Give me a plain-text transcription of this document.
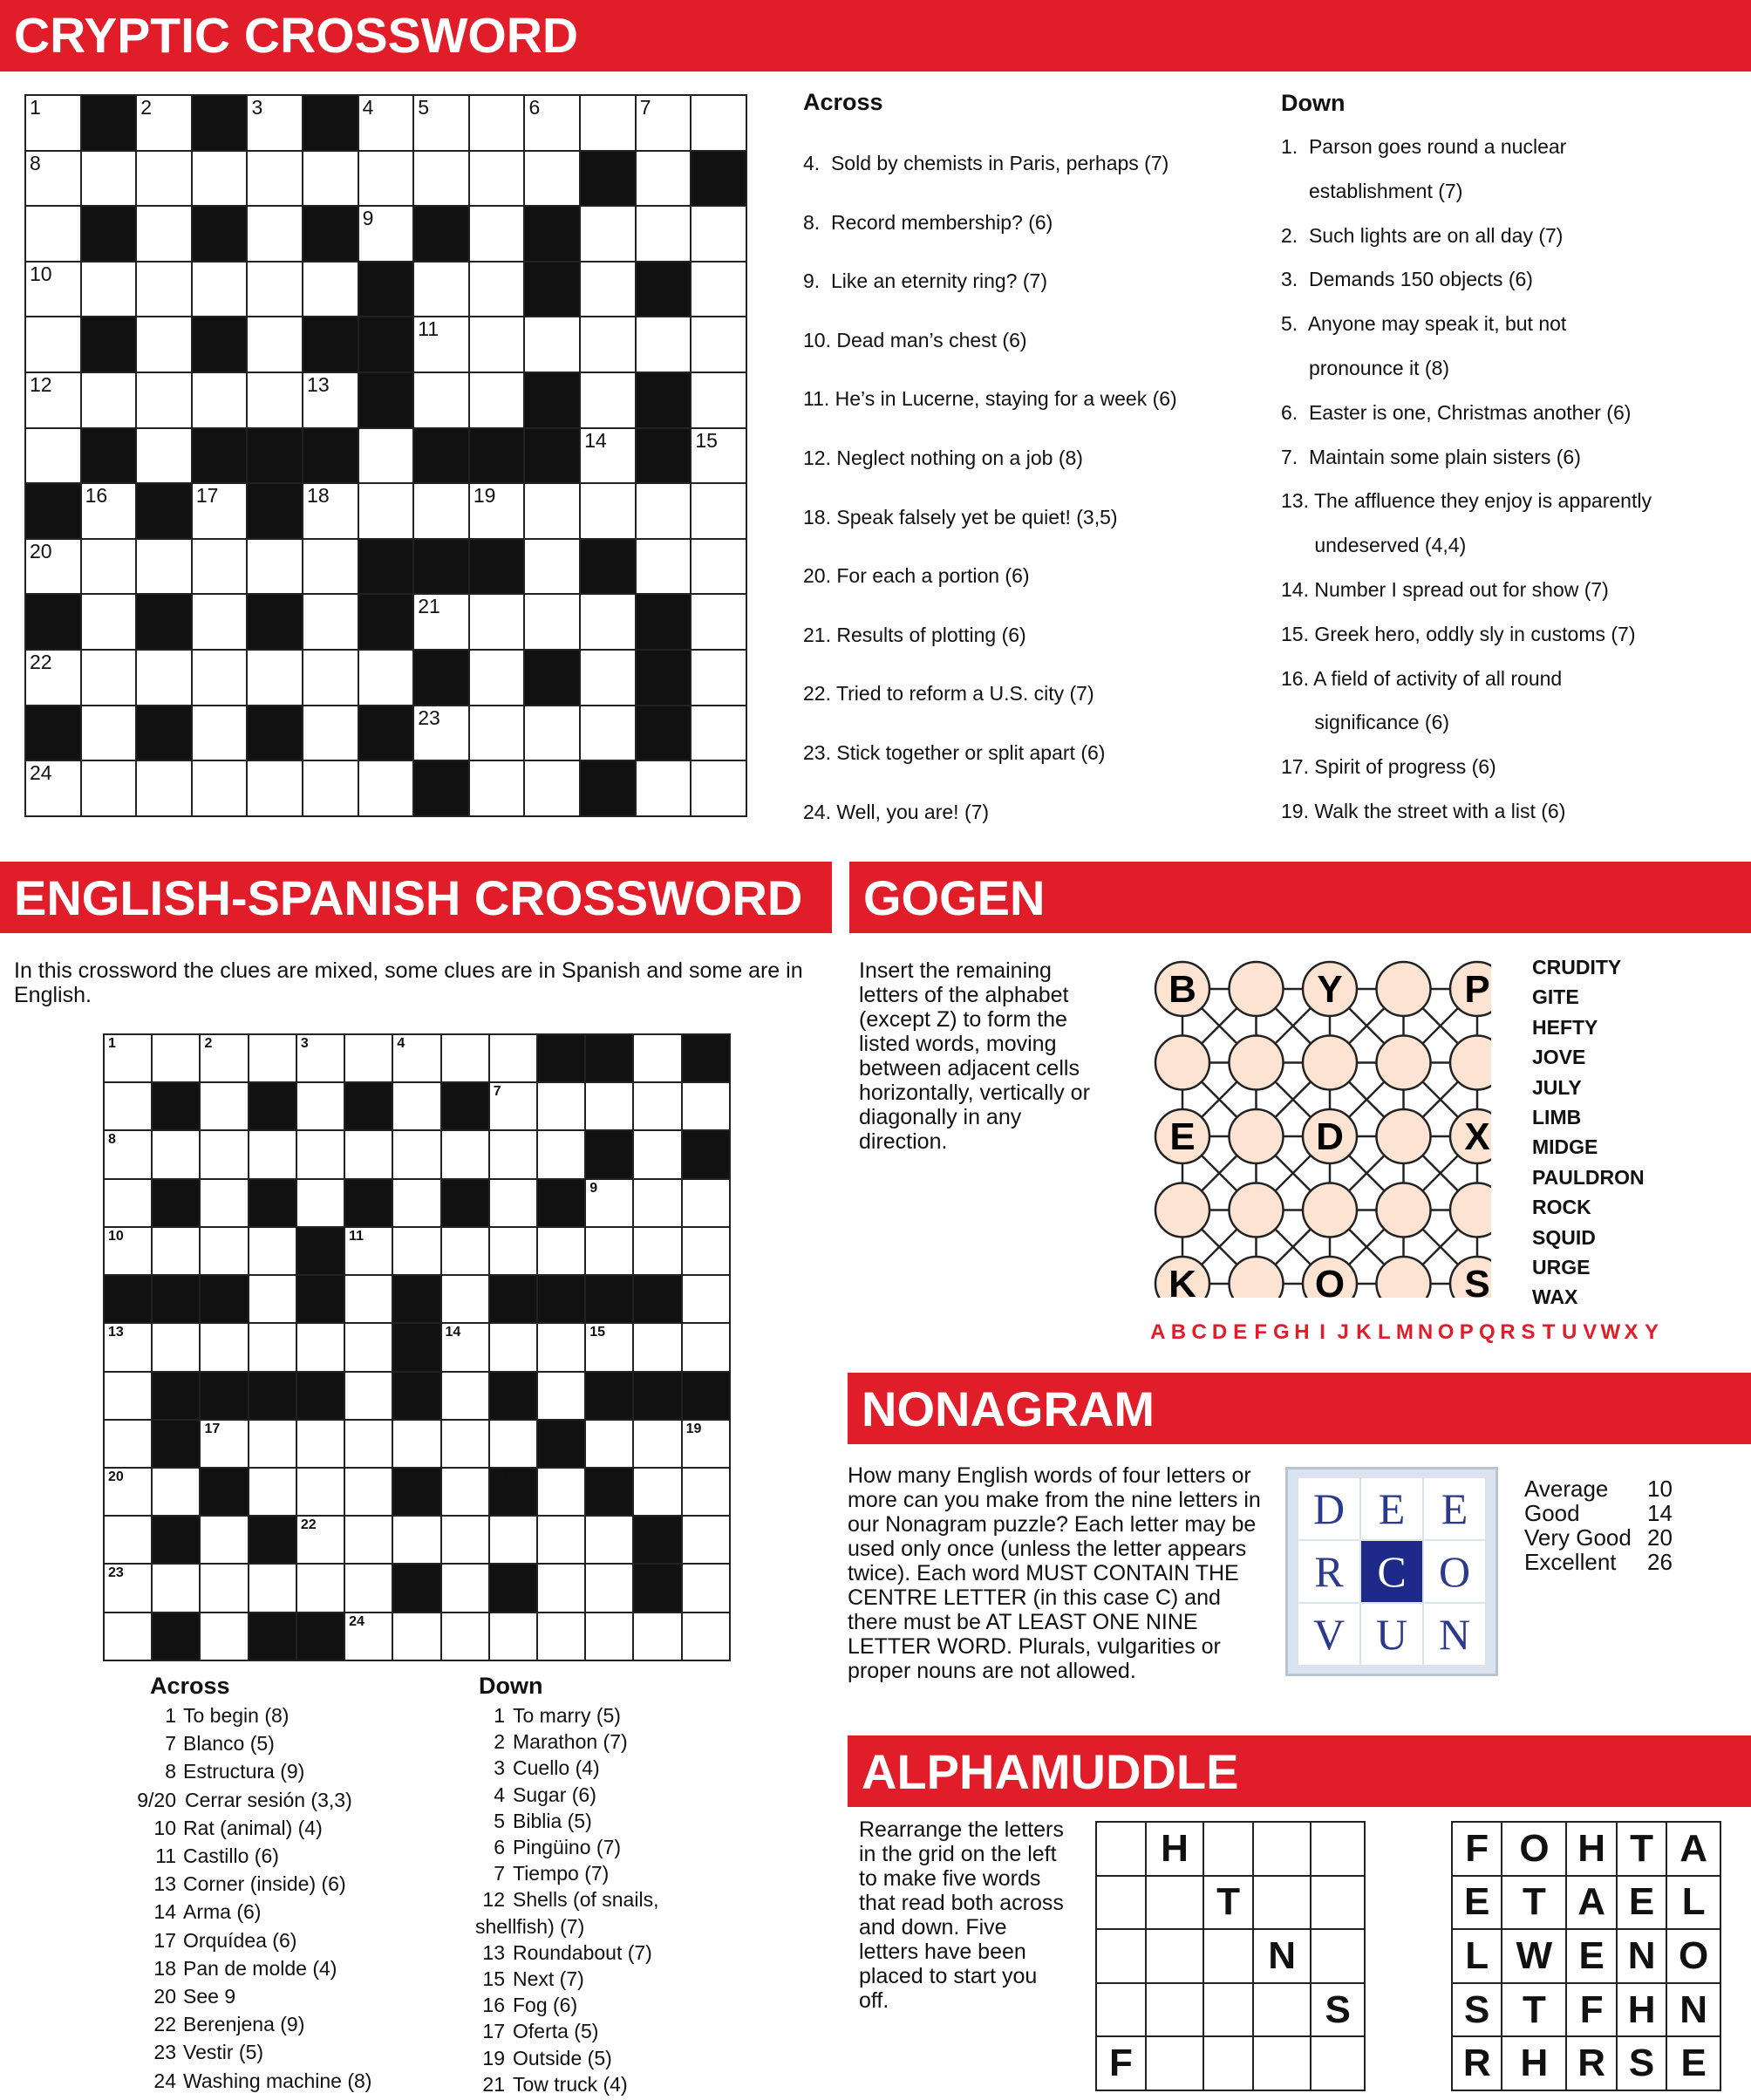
CRYPTIC CROSSWORD
1		2		3		4	5		6		7	

8												

						9						

10												

							11					

12					13							

										14		15

	16		17		18			19				

20												

							21					

22												

							23					

24												

Across
4.  Sold by chemists in Paris, perhaps (7)
8.  Record membership? (6)
9.  Like an eternity ring? (7)
10. Dead man’s chest (6)
11. He’s in Lucerne, staying for a week (6)
12. Neglect nothing on a job (8)
18. Speak falsely yet be quiet! (3,5)
20. For each a portion (6)
21. Results of plotting (6)
22. Tried to reform a U.S. city (7)
23. Stick together or split apart (6)
24. Well, you are! (7)
Down
1.  Parson goes round a nuclear
establishment (7)
2.  Such lights are on all day (7)
3.  Demands 150 objects (6)
5.  Anyone may speak it, but not
pronounce it (8)
6.  Easter is one, Christmas another (6)
7.  Maintain some plain sisters (6)
13. The affluence they enjoy is apparently
undeserved (4,4)
14. Number I spread out for show (7)
15. Greek hero, oddly sly in customs (7)
16. A field of activity of all round
significance (6)
17. Spirit of progress (6)
19. Walk the street with a list (6)
ENGLISH-SPANISH CROSSWORD
In this crossword the clues are mixed, some clues are in Spanish and some are in English.
1		2		3		4				5		6

								7				

8												

										9		

10					11							

				12								

13							14			15		

						16						

		17							18			19

20								21				

				22								

23												

					24							

Across
1 To begin (8)
7 Blanco (5)
8 Estructura (9)
9/20 Cerrar sesión (3,3)
10 Rat (animal) (4)
11 Castillo (6)
13 Corner (inside) (6)
14 Arma (6)
17 Orquídea (6)
18 Pan de molde (4)
20 See 9
22 Berenjena (9)
23 Vestir (5)
24 Washing machine (8)
Down
1 To marry (5)
2 Marathon (7)
3 Cuello (4)
4 Sugar (6)
5 Biblia (5)
6 Pingüino (7)
7 Tiempo (7)
12 Shells (of snails,
shellfish) (7)
13 Roundabout (7)
15 Next (7)
16 Fog (6)
17 Oferta (5)
19 Outside (5)
21 Tow truck (4)
GOGEN
Insert the remaining letters of the alphabet (except Z) to form the listed words, moving between adjacent cells horizontally, vertically or diagonally in any direction.
B	Y	P
E	D	X
K	O	S
CRUDITY
GITE
HEFTY
JOVE
JULY
LIMB
MIDGE
PAULDRON
ROCK
SQUID
URGE
WAX
A B C D E F G H I J K L M N O P Q R S T U V W X Y
NONAGRAM
How many English words of four letters or more can you make from the nine letters in our Nonagram puzzle? Each letter may be used only once (unless the letter appears twice). Each word MUST CONTAIN THE CENTRE LETTER (in this case C) and there must be AT LEAST ONE NINE LETTER WORD. Plurals, vulgarities or proper nouns are not allowed.
D E E
R C O
V U N
Average 10
Good	14
Very Good 20
Excellent 26
ALPHAMUDDLE
Rearrange the letters in the grid on the left to make five words that read both across and down. Five letters have been placed to start you off.
	H			
		T		
			N	
				S
F				
F	O	H	T	A
E	T	A	E	L
L	W	E	N	O
S	T	F	H	N
R	H	R	S	E
